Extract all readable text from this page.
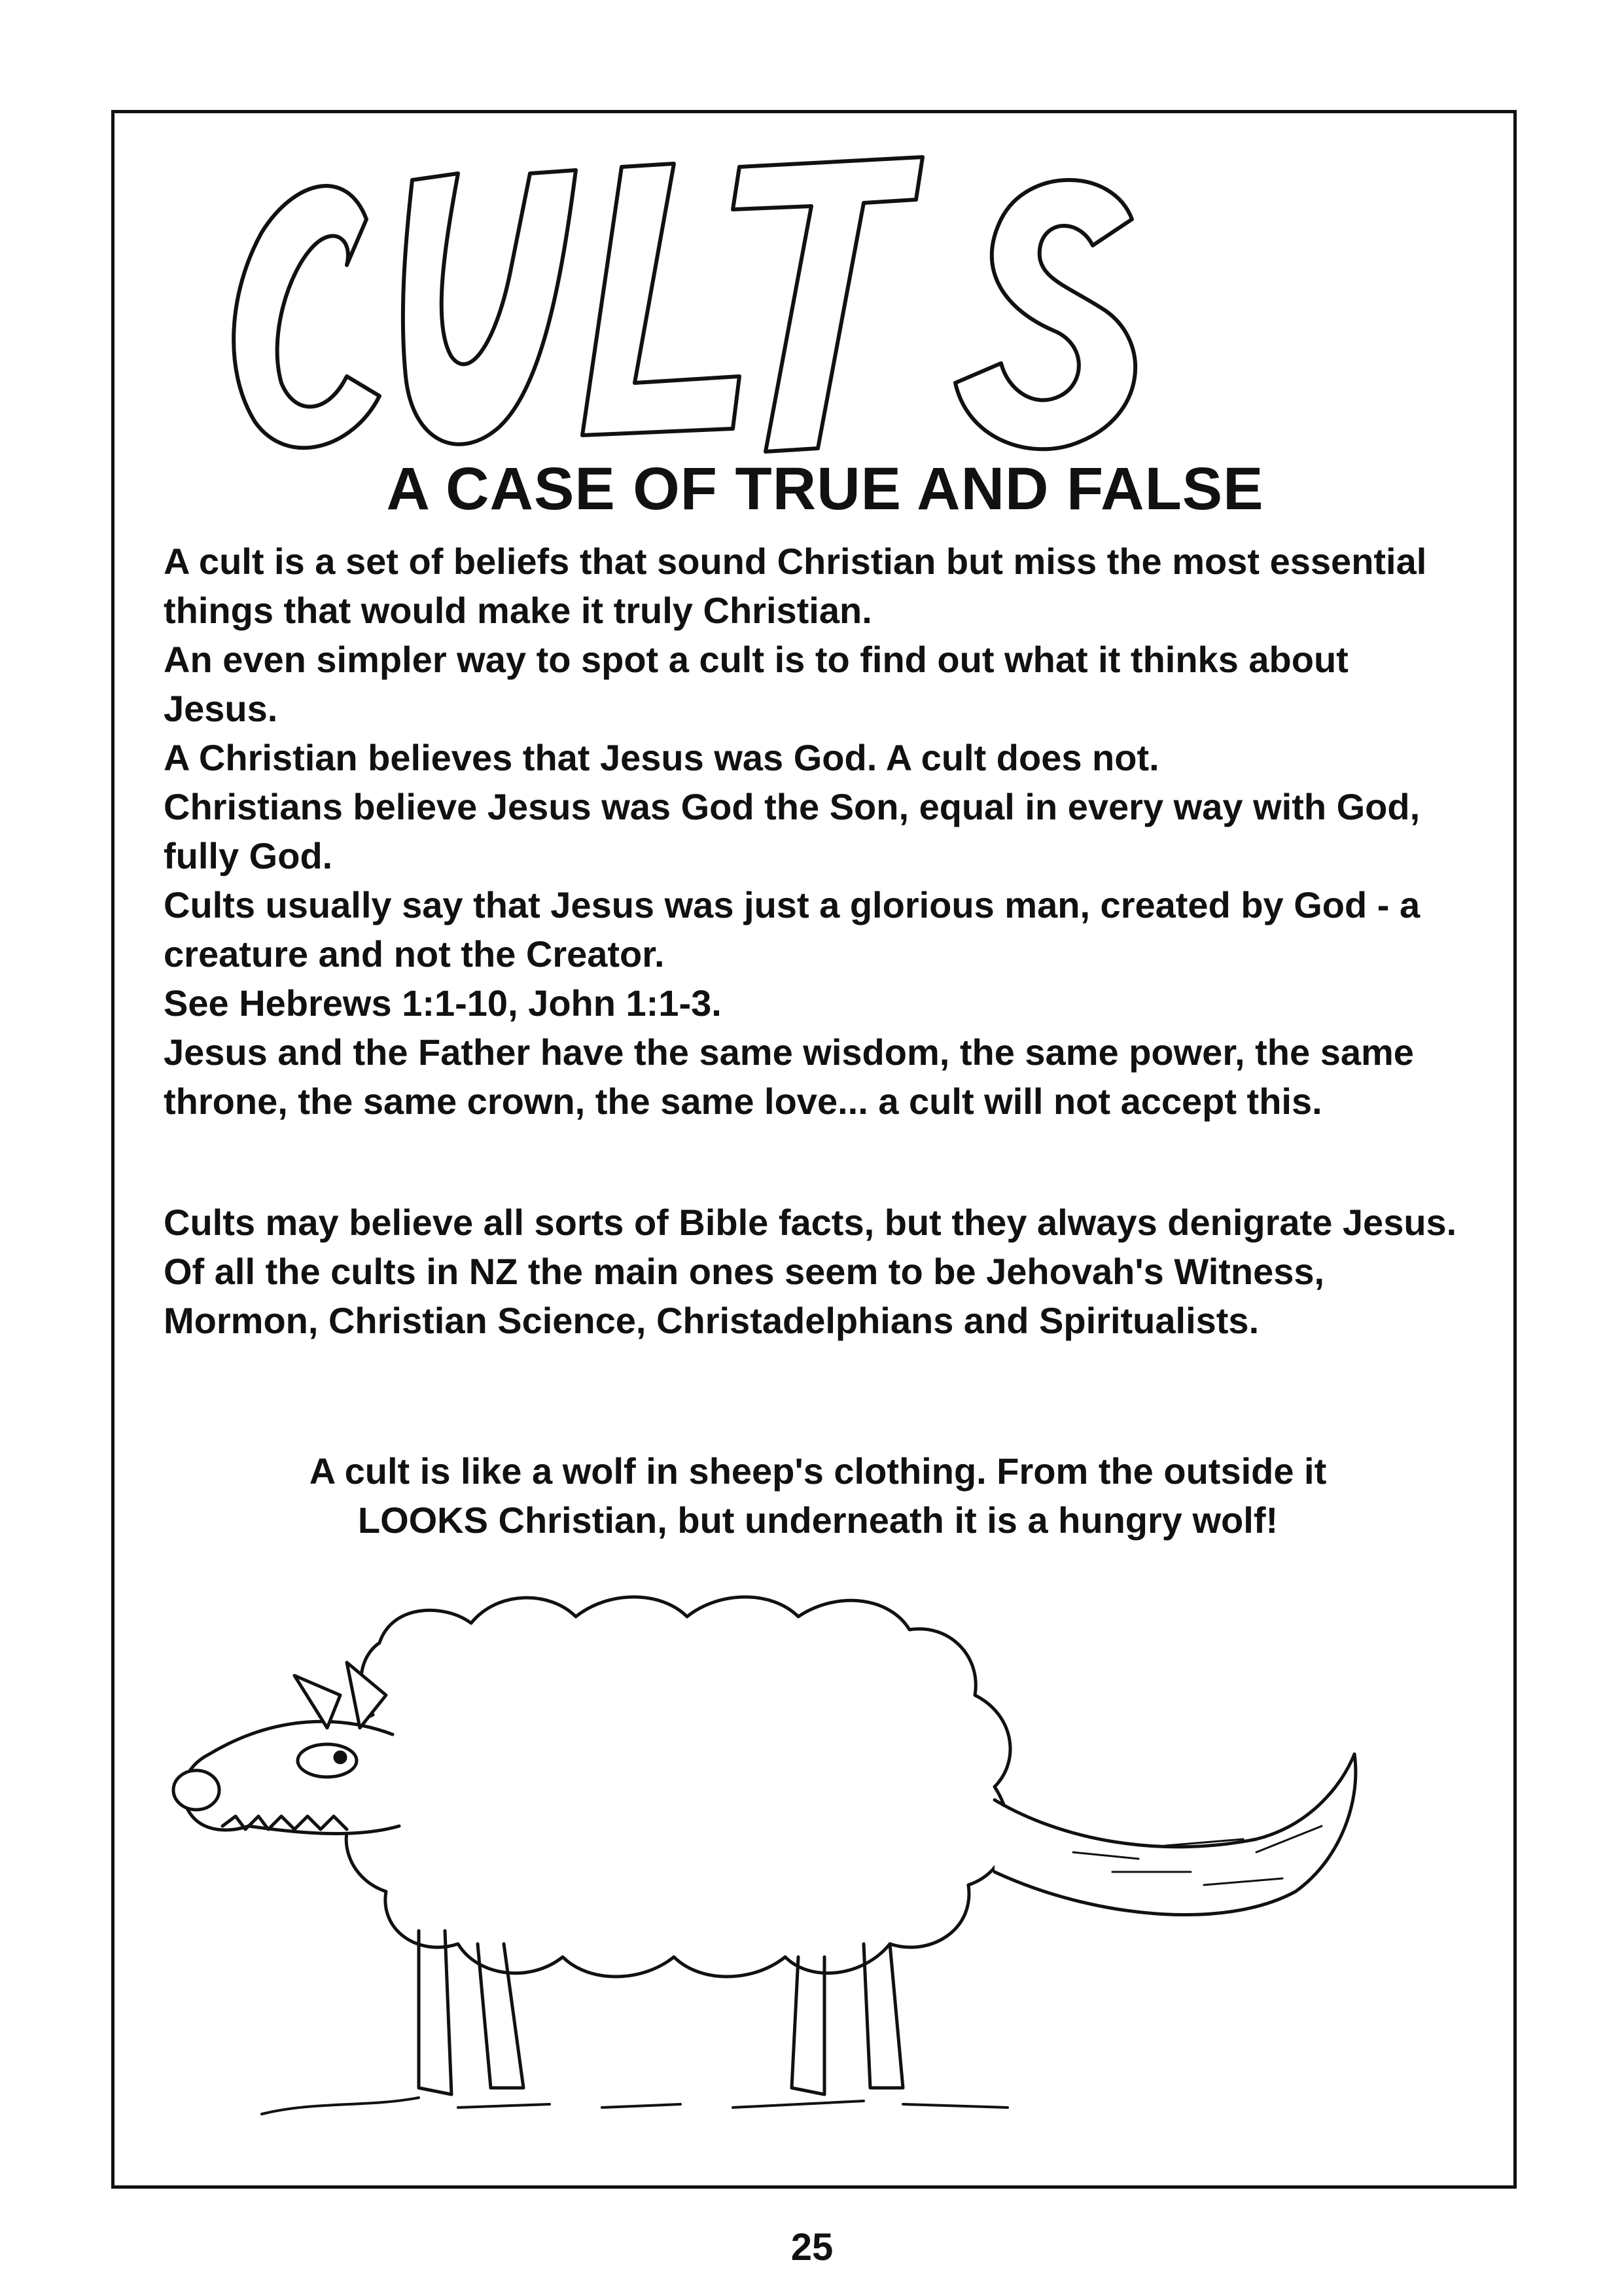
A CASE OF TRUE AND FALSE

A cult is a set of beliefs that sound Christian but miss the most essential things that would make it truly Christian.

An even simpler way to spot a cult is to find out what it thinks about Jesus.

A Christian believes that Jesus was God. A cult does not.

Christians believe Jesus was God the Son, equal in every way with God, fully God.

Cults usually say that Jesus was just a glorious man, created by God - a creature and not the Creator.

See Hebrews 1:1-10, John 1:1-3.

Jesus and the Father have the same wisdom, the same power, the same throne, the same crown, the same love... a cult will not accept this.

Cults may believe all sorts of Bible facts, but they always denigrate Jesus.

Of all the cults in NZ the main ones seem to be Jehovah's Witness, Mormon, Christian Science, Christadelphians and Spiritualists.

A cult is like a wolf in sheep's clothing. From the outside it

LOOKS Christian, but underneath it is a hungry wolf!

25
